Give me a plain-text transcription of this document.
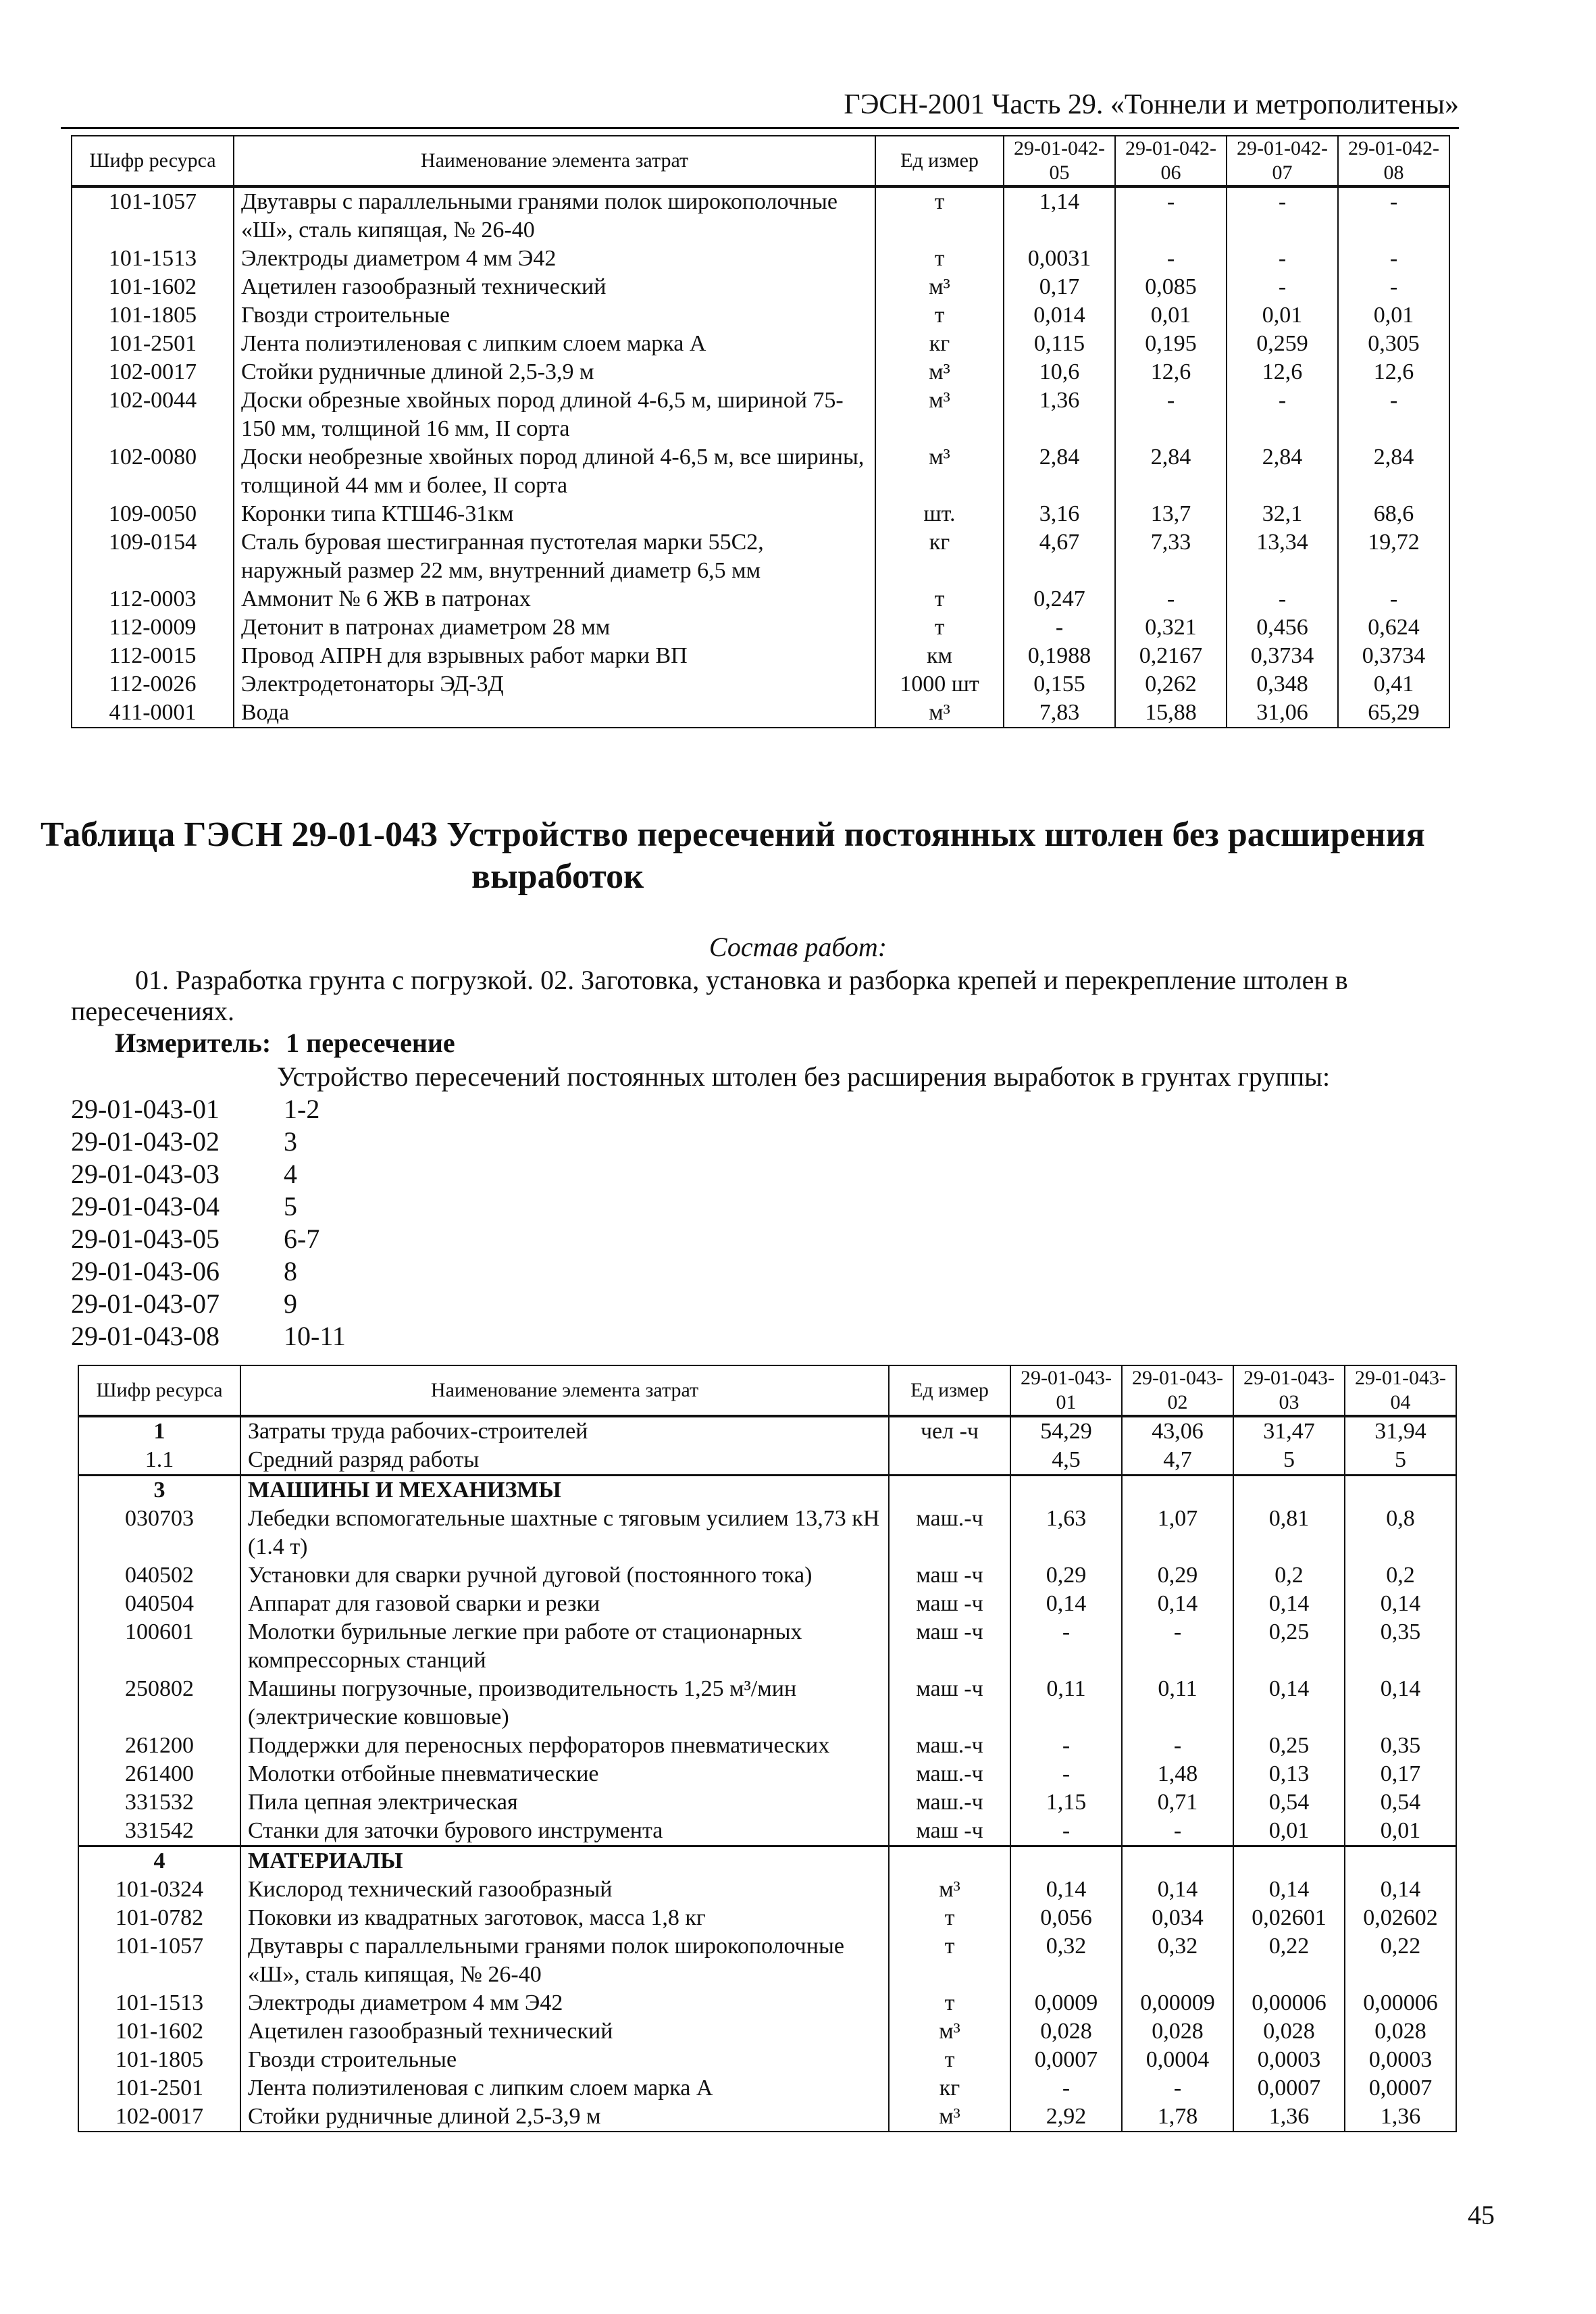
ГЭСН-2001 Часть 29. «Тоннели и метрополитены»
Шифр ресурса	Наименование элемента затрат	Ед измер	29-01-042-05	29-01-042-06	29-01-042-07	29-01-042-08
101-1057	Двутавры с параллельными гранями полок широкополочные «Ш», сталь кипящая, № 26-40	т	1,14	-	-	-
101-1513	Электроды диаметром 4 мм Э42	т	0,0031	-	-	-
101-1602	Ацетилен газообразный технический	м³	0,17	0,085	-	-
101-1805	Гвозди строительные	т	0,014	0,01	0,01	0,01
101-2501	Лента полиэтиленовая с липким слоем марка А	кг	0,115	0,195	0,259	0,305
102-0017	Стойки рудничные длиной 2,5-3,9 м	м³	10,6	12,6	12,6	12,6
102-0044	Доски обрезные хвойных пород длиной 4-6,5 м, шириной 75-150 мм, толщиной 16 мм, II сорта	м³	1,36	-	-	-
102-0080	Доски необрезные хвойных пород длиной 4-6,5 м, все ширины, толщиной 44 мм и более, II сорта	м³	2,84	2,84	2,84	2,84
109-0050	Коронки типа КТШ46-31км	шт.	3,16	13,7	32,1	68,6
109-0154	Сталь буровая шестигранная пустотелая марки 55С2, наружный размер 22 мм, внутренний диаметр 6,5 мм	кг	4,67	7,33	13,34	19,72
112-0003	Аммонит № 6 ЖВ в патронах	т	0,247	-	-	-
112-0009	Детонит в патронах диаметром 28 мм	т	-	0,321	0,456	0,624
112-0015	Провод АПРН для взрывных работ марки ВП	км	0,1988	0,2167	0,3734	0,3734
112-0026	Электродетонаторы ЭД-3Д	1000 шт	0,155	0,262	0,348	0,41
411-0001	Вода	м³	7,83	15,88	31,06	65,29
Таблица ГЭСН 29-01-043 Устройство пересечений постоянных штолен без расширения
выработок
Состав работ:
01. Разработка грунта с погрузкой. 02. Заготовка, установка и разборка крепей и перекрепление штолен в пересечениях.
Измеритель: 1 пересечение
Устройство пересечений постоянных штолен без расширения выработок в грунтах группы:
29-01-043-01	1-2
29-01-043-02	3
29-01-043-03	4
29-01-043-04	5
29-01-043-05	6-7
29-01-043-06	8
29-01-043-07	9
29-01-043-08	10-11
Шифр ресурса	Наименование элемента затрат	Ед измер	29-01-043-01	29-01-043-02	29-01-043-03	29-01-043-04
1	Затраты труда рабочих-строителей	чел -ч	54,29	43,06	31,47	31,94
1.1	Средний разряд работы		4,5	4,7	5	5
3	МАШИНЫ И МЕХАНИЗМЫ					
030703	Лебедки вспомогательные шахтные с тяговым усилием 13,73 кН (1.4 т)	маш.-ч	1,63	1,07	0,81	0,8
040502	Установки для сварки ручной дуговой (постоянного тока)	маш -ч	0,29	0,29	0,2	0,2
040504	Аппарат для газовой сварки и резки	маш -ч	0,14	0,14	0,14	0,14
100601	Молотки бурильные легкие при работе от стационарных компрессорных станций	маш -ч	-	-	0,25	0,35
250802	Машины погрузочные, производительность 1,25 м³/мин (электрические ковшовые)	маш -ч	0,11	0,11	0,14	0,14
261200	Поддержки для переносных перфораторов пневматических	маш.-ч	-	-	0,25	0,35
261400	Молотки отбойные пневматические	маш.-ч	-	1,48	0,13	0,17
331532	Пила цепная электрическая	маш.-ч	1,15	0,71	0,54	0,54
331542	Станки для заточки бурового инструмента	маш -ч	-	-	0,01	0,01
4	МАТЕРИАЛЫ					
101-0324	Кислород технический газообразный	м³	0,14	0,14	0,14	0,14
101-0782	Поковки из квадратных заготовок, масса 1,8 кг	т	0,056	0,034	0,02601	0,02602
101-1057	Двутавры с параллельными гранями полок широкополочные «Ш», сталь кипящая, № 26-40	т	0,32	0,32	0,22	0,22
101-1513	Электроды диаметром 4 мм Э42	т	0,0009	0,00009	0,00006	0,00006
101-1602	Ацетилен газообразный технический	м³	0,028	0,028	0,028	0,028
101-1805	Гвозди строительные	т	0,0007	0,0004	0,0003	0,0003
101-2501	Лента полиэтиленовая с липким слоем марка А	кг	-	-	0,0007	0,0007
102-0017	Стойки рудничные длиной 2,5-3,9 м	м³	2,92	1,78	1,36	1,36
45
